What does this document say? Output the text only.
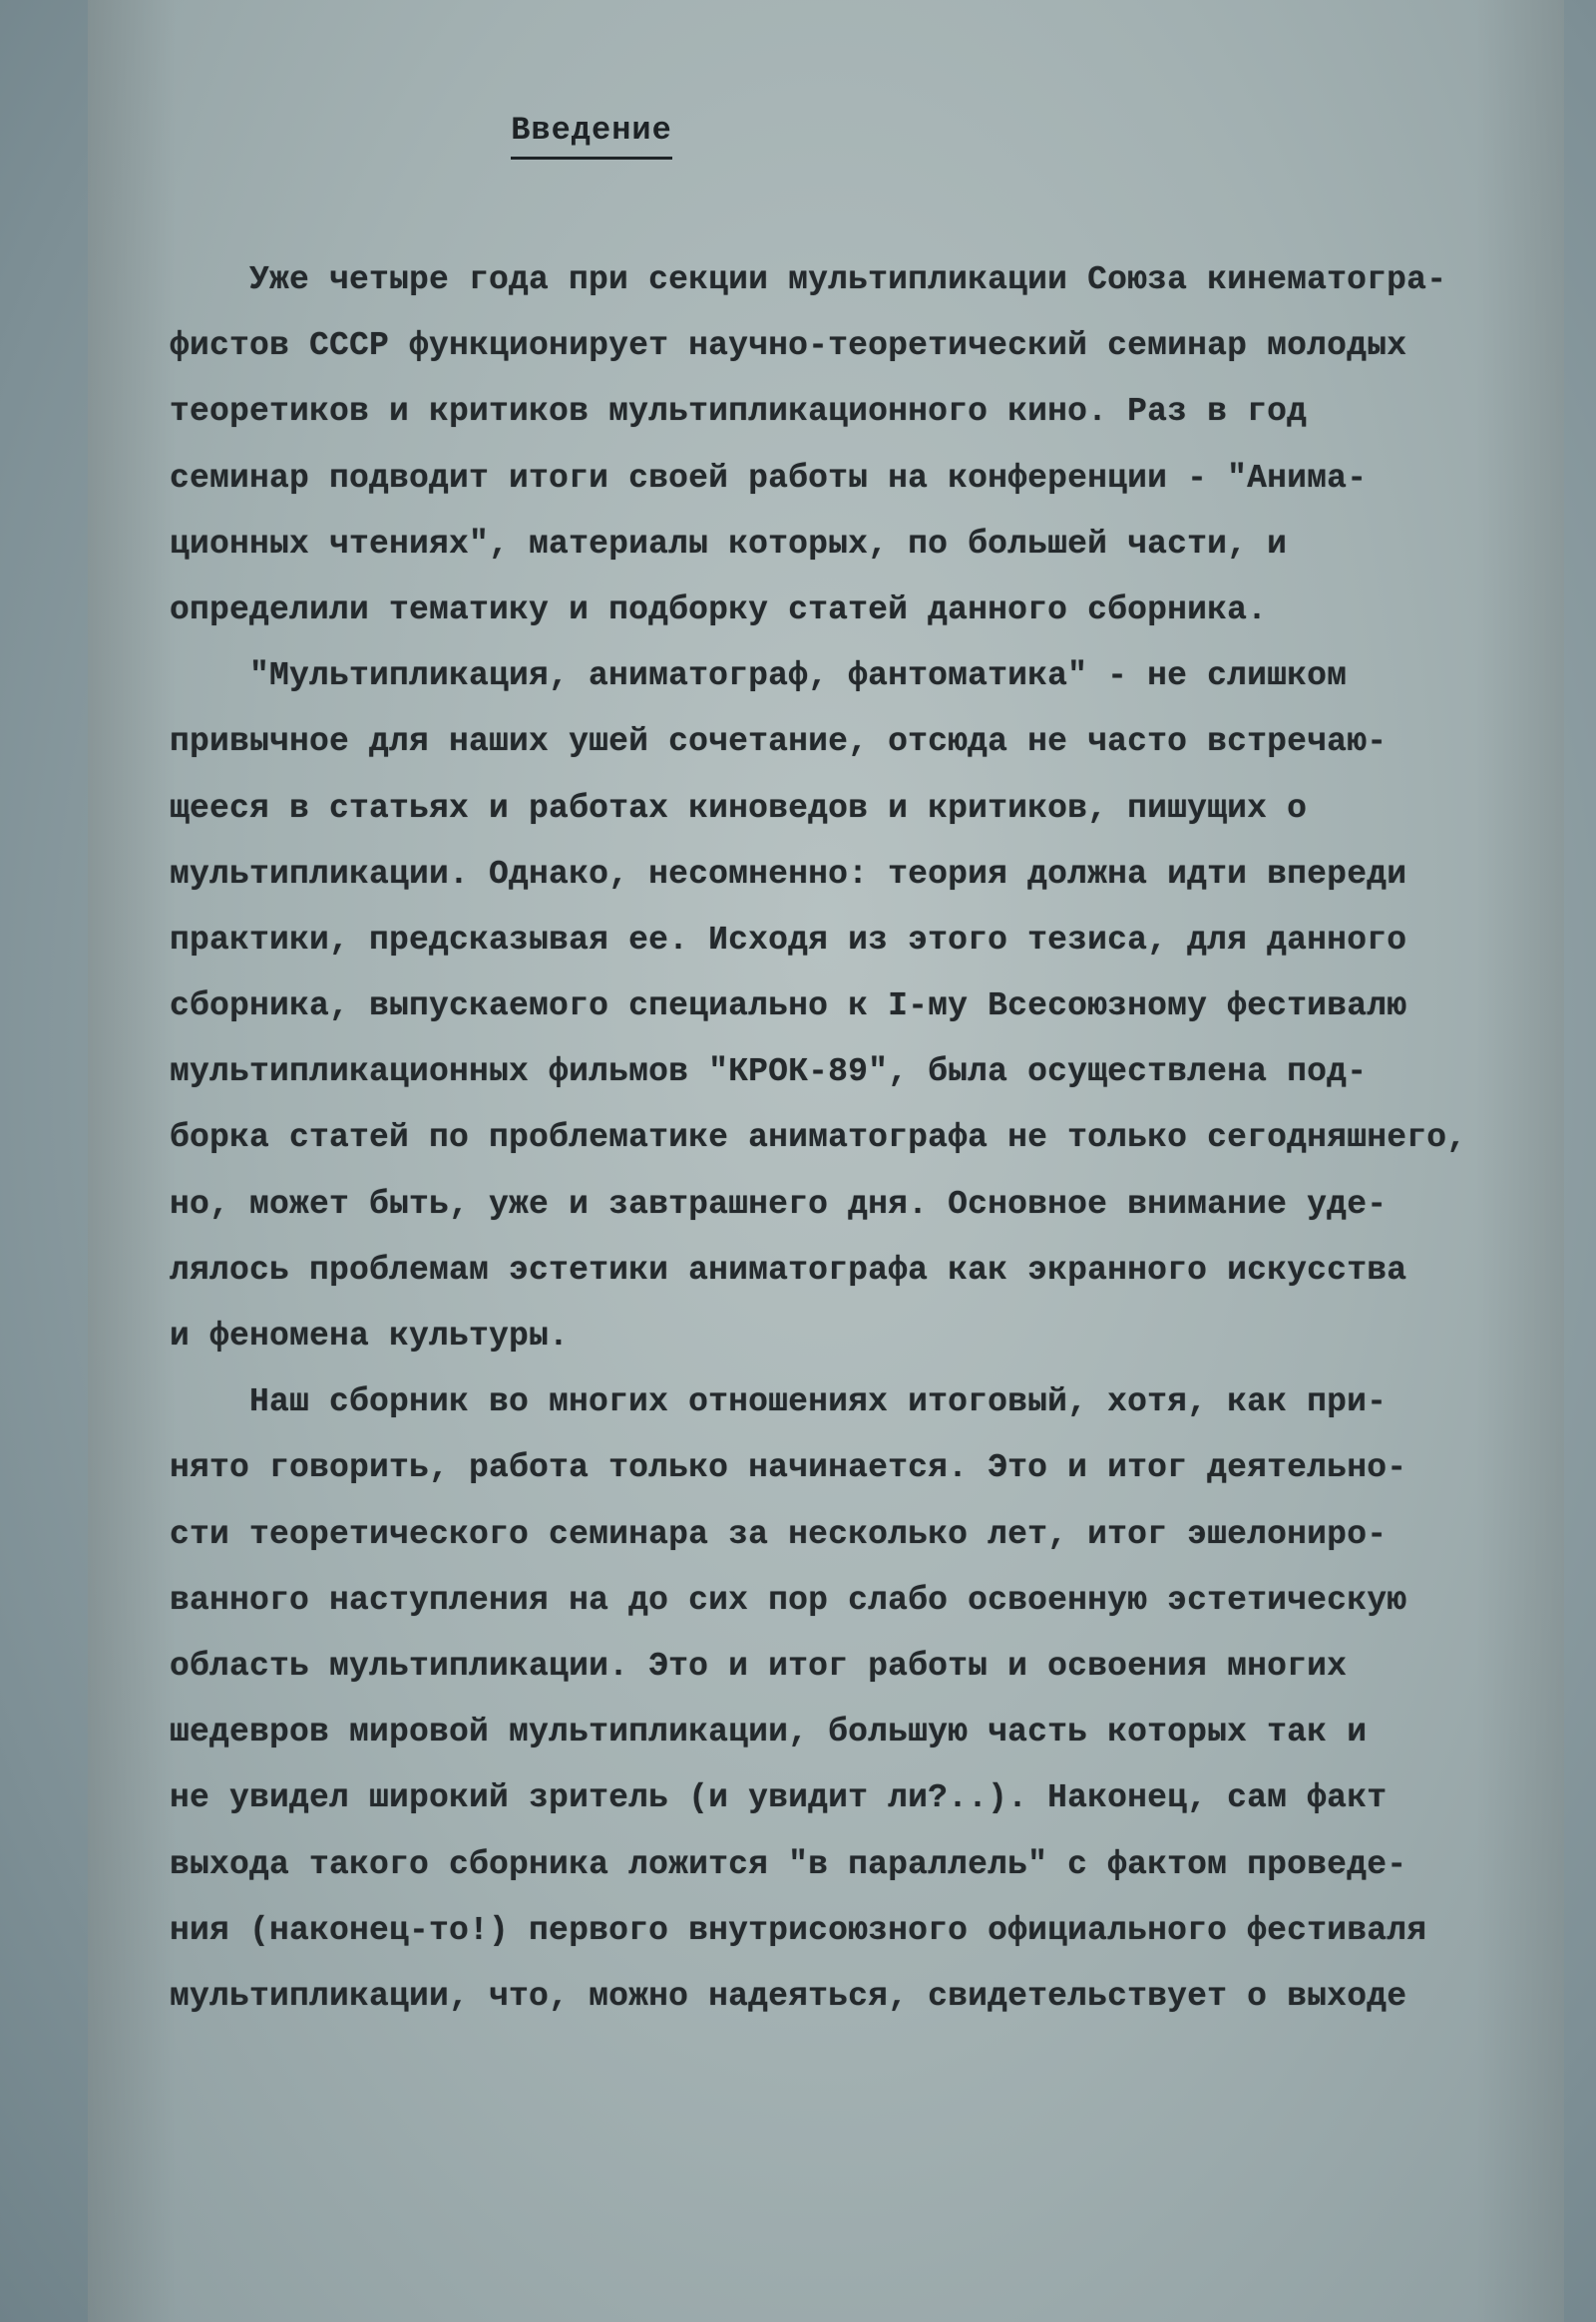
Введение
Уже четыре года при секции мультипликации Союза кинематогра-
фистов СССР функционирует научно-теоретический семинар молодых
теоретиков и критиков мультипликационного кино. Раз в год
семинар подводит итоги своей работы на конференции - "Анима-
ционных чтениях", материалы которых, по большей части, и
определили тематику и подборку статей данного сборника.
"Мультипликация, аниматограф, фантоматика" - не слишком
привычное для наших ушей сочетание, отсюда не часто встречаю-
щееся в статьях и работах киноведов и критиков, пишущих о
мультипликации. Однако, несомненно: теория должна идти впереди
практики, предсказывая ее. Исходя из этого тезиса, для данного
сборника, выпускаемого специально к I-му Всесоюзному фестивалю
мультипликационных фильмов "КРОК-89", была осуществлена под-
борка статей по проблематике аниматографа не только сегодняшнего,
но, может быть, уже и завтрашнего дня. Основное внимание уде-
лялось проблемам эстетики аниматографа как экранного искусства
и феномена культуры.
Наш сборник во многих отношениях итоговый, хотя, как при-
нято говорить, работа только начинается. Это и итог деятельно-
сти теоретического семинара за несколько лет, итог эшелониро-
ванного наступления на до сих пор слабо освоенную эстетическую
область мультипликации. Это и итог работы и освоения многих
шедевров мировой мультипликации, большую часть которых так и
не увидел широкий зритель (и увидит ли?..). Наконец, сам факт
выхода такого сборника ложится "в параллель" с фактом проведе-
ния (наконец-то!) первого внутрисоюзного официального фестиваля
мультипликации, что, можно надеяться, свидетельствует о выходе
